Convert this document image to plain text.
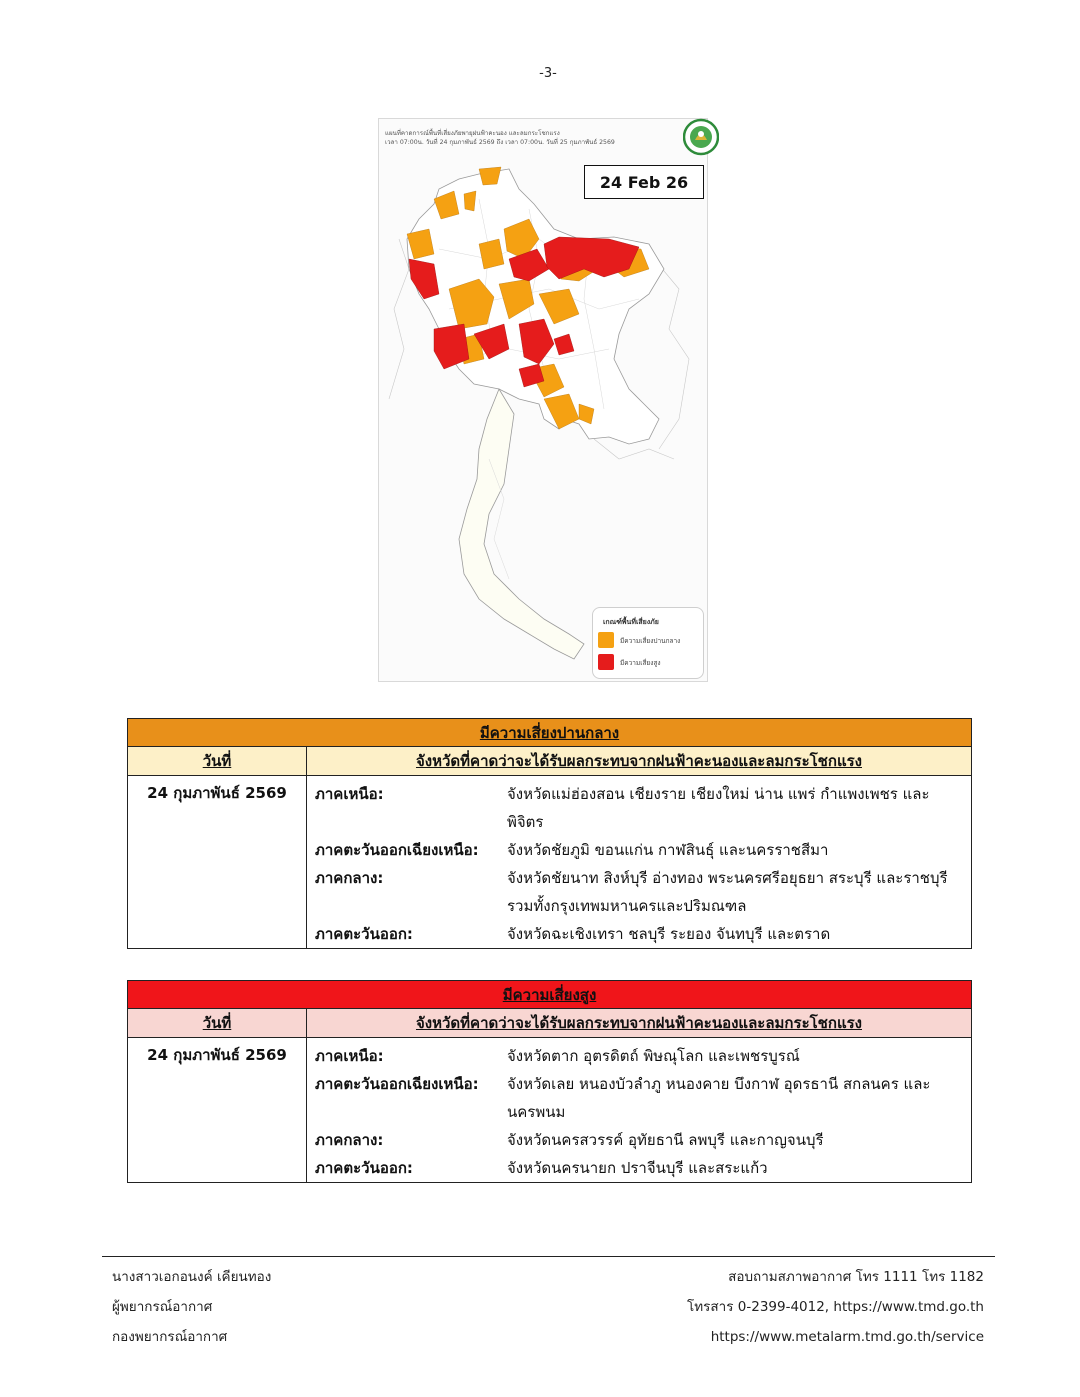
-3-
แผนที่คาดการณ์พื้นที่เสี่ยงภัยพายุฝนฟ้าคะนอง และลมกระโชกแรง
เวลา 07:00น. วันที่ 24 กุมภาพันธ์ 2569 ถึง เวลา 07:00น. วันที่ 25 กุมภาพันธ์ 2569
24 Feb 26
เกณฑ์พื้นที่เสี่ยงภัย
มีความเสี่ยงปานกลาง
มีความเสี่ยงสูง
มีความเสี่ยงปานกลาง
วันที่	จังหวัดที่คาดว่าจะได้รับผลกระทบจากฝนฟ้าคะนองและลมกระโชกแรง
24 กุมภาพันธ์ 2569	ภาคเหนือ:	จังหวัดแม่ฮ่องสอน เชียงราย เชียงใหม่ น่าน แพร่ กำแพงเพชร และพิจิตร
ภาคตะวันออกเฉียงเหนือ:	จังหวัดชัยภูมิ ขอนแก่น กาฬสินธุ์ และนครราชสีมา
ภาคกลาง:	จังหวัดชัยนาท สิงห์บุรี อ่างทอง พระนครศรีอยุธยา สระบุรี และราชบุรี รวมทั้งกรุงเทพมหานครและปริมณฑล
ภาคตะวันออก:	จังหวัดฉะเชิงเทรา ชลบุรี ระยอง จันทบุรี และตราด
มีความเสี่ยงสูง
วันที่	จังหวัดที่คาดว่าจะได้รับผลกระทบจากฝนฟ้าคะนองและลมกระโชกแรง
24 กุมภาพันธ์ 2569	ภาคเหนือ:	จังหวัดตาก อุตรดิตถ์ พิษณุโลก และเพชรบูรณ์
ภาคตะวันออกเฉียงเหนือ:	จังหวัดเลย หนองบัวลำภู หนองคาย บึงกาฬ อุดรธานี สกลนคร และนครพนม
ภาคกลาง:	จังหวัดนครสวรรค์ อุทัยธานี ลพบุรี และกาญจนบุรี
ภาคตะวันออก:	จังหวัดนครนายก ปราจีนบุรี และสระแก้ว
นางสาวเอกอนงค์ เคียนทอง
ผู้พยากรณ์อากาศ
กองพยากรณ์อากาศ
สอบถามสภาพอากาศ โทร 1111 โทร 1182
โทรสาร 0-2399-4012, https://www.tmd.go.th
https://www.metalarm.tmd.go.th/service
